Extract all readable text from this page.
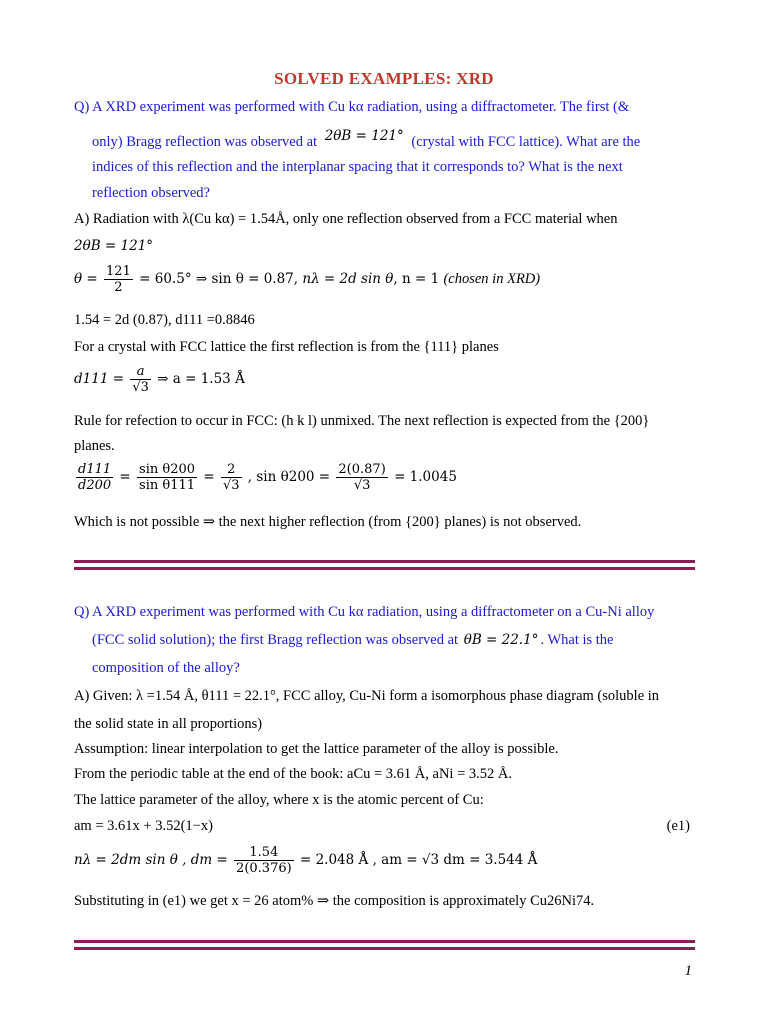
SOLVED EXAMPLES: XRD
Q) A XRD experiment was performed with Cu kα radiation, using a diffractometer. The first (&
only) Bragg reflection was observed at 2θB = 121° (crystal with FCC lattice). What are the
indices of this reflection and the interplanar spacing that it corresponds to? What is the next
reflection observed?
A) Radiation with λ(Cu kα) = 1.54Å, only one reflection observed from a FCC material when
2θB = 121°
$\theta = \frac{121}{2} = 60.5^\circ$ ⇒ sin θ = 0.87, nλ = 2d sin θ, n = 1 (chosen in XRD)
1.54 = 2d (0.87), d111 =0.8846
For a crystal with FCC lattice the first reflection is from the {111} planes
$d111 = \frac{a}{√3}$ ⇒ a = 1.53 Å
Rule for refection to occur in FCC: (h k l) unmixed. The next reflection is expected from the {200}
planes.
$\frac{d111}{d200} = \frac{\text{sin θ200}}{\text{sin θ111}} = \frac{2}{√3}$ , $\sin \theta 200 = \frac{2(0.87)}{√3} = 1.0045$
Which is not possible ⇒ the next higher reflection (from {200} planes) is not observed.
Q) A XRD experiment was performed with Cu kα radiation, using a diffractometer on a Cu-Ni alloy
(FCC solid solution); the first Bragg reflection was observed at θB = 22.1° . What is the
composition of the alloy?
A) Given: λ =1.54 Å, θ111 = 22.1°, FCC alloy, Cu-Ni form a isomorphous phase diagram (soluble in
the solid state in all proportions)
Assumption: linear interpolation to get the lattice parameter of the alloy is possible.
From the periodic table at the end of the book: aCu = 3.61 Å, aNi = 3.52 Å.
The lattice parameter of the alloy, where x is the atomic percent of Cu:
am = 3.61x + 3.52(1−x)	(e1)
nλ = 2dm sin θ , dm = $\frac{1.54}{2(0.376)} = 2.048$ Å , am = √3 dm = 3.544 Å
Substituting in (e1) we get x = 26 atom% ⇒ the composition is approximately Cu26Ni74.
1
